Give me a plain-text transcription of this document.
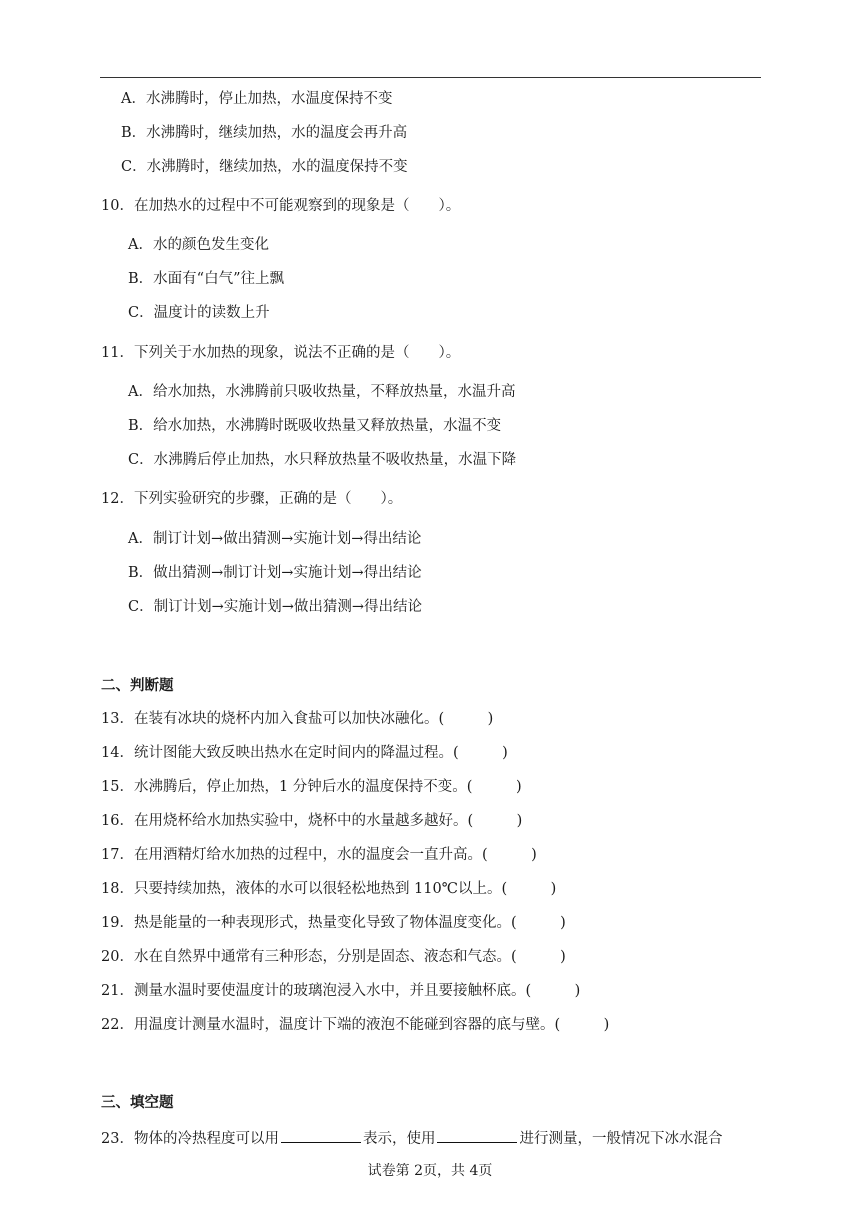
A．水沸腾时，停止加热，水温度保持不变
B．水沸腾时，继续加热，水的温度会再升高
C．水沸腾时，继续加热，水的温度保持不变
10．在加热水的过程中不可能观察到的现象是（　　）。
A．水的颜色发生变化
B．水面有“白气”往上飘
C．温度计的读数上升
11．下列关于水加热的现象，说法不正确的是（　　）。
A．给水加热，水沸腾前只吸收热量，不释放热量，水温升高
B．给水加热，水沸腾时既吸收热量又释放热量，水温不变
C．水沸腾后停止加热，水只释放热量不吸收热量，水温下降
12．下列实验研究的步骤，正确的是（　　）。
A．制订计划→做出猜测→实施计划→得出结论
B．做出猜测→制订计划→实施计划→得出结论
C．制订计划→实施计划→做出猜测→得出结论
二、判断题
13．在装有冰块的烧杯内加入食盐可以加快冰融化。(　　　)
14．统计图能大致反映出热水在定时间内的降温过程。(　　　)
15．水沸腾后，停止加热，1 分钟后水的温度保持不变。(　　　)
16．在用烧杯给水加热实验中，烧杯中的水量越多越好。(　　　)
17．在用酒精灯给水加热的过程中，水的温度会一直升高。(　　　)
18．只要持续加热，液体的水可以很轻松地热到 110℃以上。(　　　)
19．热是能量的一种表现形式，热量变化导致了物体温度变化。(　　　)
20．水在自然界中通常有三种形态，分别是固态、液态和气态。(　　　)
21．测量水温时要使温度计的玻璃泡浸入水中，并且要接触杯底。(　　　)
22．用温度计测量水温时，温度计下端的液泡不能碰到容器的底与壁。(　　　)
三、填空题
23．物体的冷热程度可以用	表示，使用	进行测量，一般情况下冰水混合
试卷第 2页，共 4页
